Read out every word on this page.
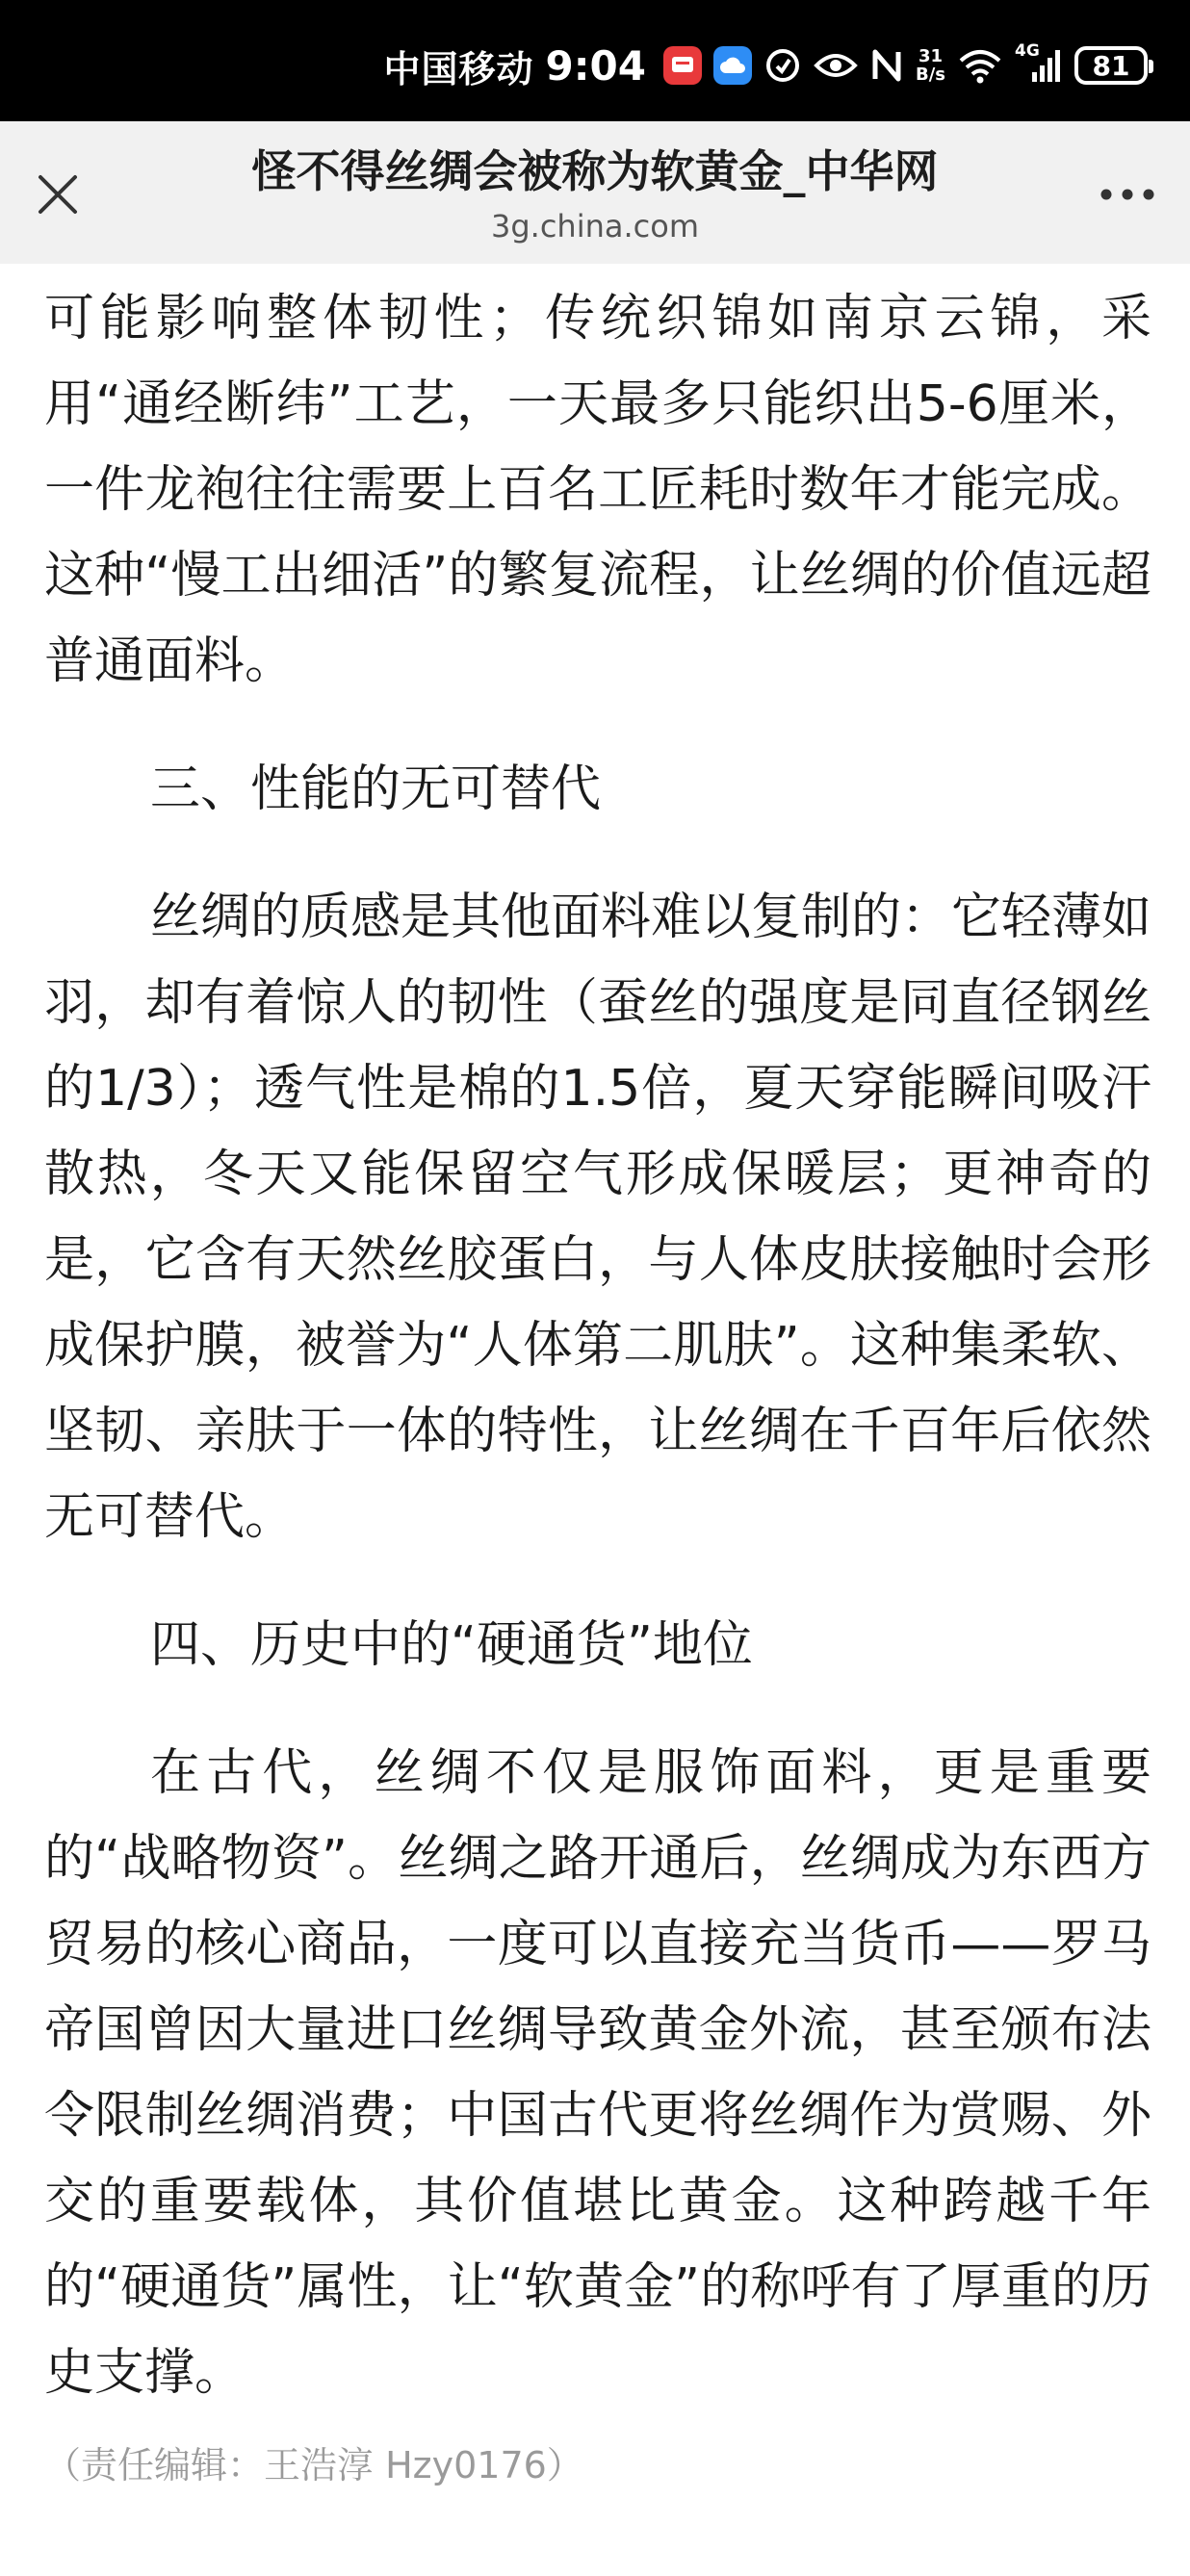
中国移动 9:04	31
B/s
4G 81
怪不得丝绸会被称为软黄金_中华网
3g.china.com

可能影响整体韧性；传统织锦如南京云锦，采用“通经断纬”工艺，一天最多只能织出5-6厘米，一件龙袍往往需要上百名工匠耗时数年才能完成。这种“慢工出细活”的繁复流程，让丝绸的价值远超普通面料。

三、性能的无可替代

丝绸的质感是其他面料难以复制的：它轻薄如羽，却有着惊人的韧性（蚕丝的强度是同直径钢丝的1/3）；透气性是棉的1.5倍，夏天穿能瞬间吸汗散热，冬天又能保留空气形成保暖层；更神奇的是，它含有天然丝胶蛋白，与人体皮肤接触时会形成保护膜，被誉为“人体第二肌肤”。这种集柔软、坚韧、亲肤于一体的特性，让丝绸在千百年后依然无可替代。

四、历史中的“硬通货”地位

在古代，丝绸不仅是服饰面料，更是重要的“战略物资”。丝绸之路开通后，丝绸成为东西方贸易的核心商品，一度可以直接充当货币——罗马帝国曾因大量进口丝绸导致黄金外流，甚至颁布法令限制丝绸消费；中国古代更将丝绸作为赏赐、外交的重要载体，其价值堪比黄金。这种跨越千年的“硬通货”属性，让“软黄金”的称呼有了厚重的历史支撑。

（责任编辑：王浩淳 Hzy0176）
